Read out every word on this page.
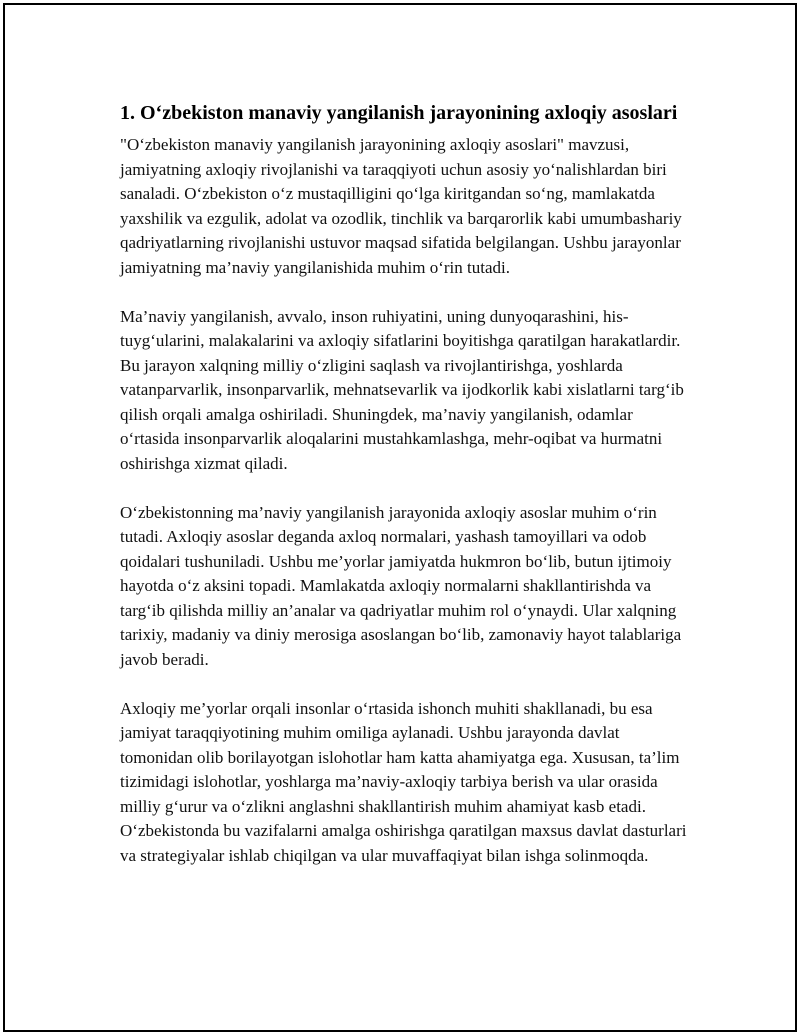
1. O‘zbekiston manaviy yangilanish jarayonining axloqiy asoslari

"O‘zbekiston manaviy yangilanish jarayonining axloqiy asoslari" mavzusi, jamiyatning axloqiy rivojlanishi va taraqqiyoti uchun asosiy yo‘nalishlardan biri sanaladi. O‘zbekiston o‘z mustaqilligini qo‘lga kiritgandan so‘ng, mamlakatda yaxshilik va ezgulik, adolat va ozodlik, tinchlik va barqarorlik kabi umumbashariy qadriyatlarning rivojlanishi ustuvor maqsad sifatida belgilangan. Ushbu jarayonlar jamiyatning ma’naviy yangilanishida muhim o‘rin tutadi.

Ma’naviy yangilanish, avvalo, inson ruhiyatini, uning dunyoqarashini, his-tuyg‘ularini, malakalarini va axloqiy sifatlarini boyitishga qaratilgan harakatlardir. Bu jarayon xalqning milliy o‘zligini saqlash va rivojlantirishga, yoshlarda vatanparvarlik, insonparvarlik, mehnatsevarlik va ijodkorlik kabi xislatlarni targ‘ib qilish orqali amalga oshiriladi. Shuningdek, ma’naviy yangilanish, odamlar o‘rtasida insonparvarlik aloqalarini mustahkamlashga, mehr-oqibat va hurmatni oshirishga xizmat qiladi.

O‘zbekistonning ma’naviy yangilanish jarayonida axloqiy asoslar muhim o‘rin tutadi. Axloqiy asoslar deganda axloq normalari, yashash tamoyillari va odob qoidalari tushuniladi. Ushbu me’yorlar jamiyatda hukmron bo‘lib, butun ijtimoiy hayotda o‘z aksini topadi. Mamlakatda axloqiy normalarni shakllantirishda va targ‘ib qilishda milliy an’analar va qadriyatlar muhim rol o‘ynaydi. Ular xalqning tarixiy, madaniy va diniy merosiga asoslangan bo‘lib, zamonaviy hayot talablariga javob beradi.

Axloqiy me’yorlar orqali insonlar o‘rtasida ishonch muhiti shakllanadi, bu esa jamiyat taraqqiyotining muhim omiliga aylanadi. Ushbu jarayonda davlat tomonidan olib borilayotgan islohotlar ham katta ahamiyatga ega. Xususan, ta’lim tizimidagi islohotlar, yoshlarga ma’naviy-axloqiy tarbiya berish va ular orasida milliy g‘urur va o‘zlikni anglashni shakllantirish muhim ahamiyat kasb etadi. O‘zbekistonda bu vazifalarni amalga oshirishga qaratilgan maxsus davlat dasturlari va strategiyalar ishlab chiqilgan va ular muvaffaqiyat bilan ishga solinmoqda.
